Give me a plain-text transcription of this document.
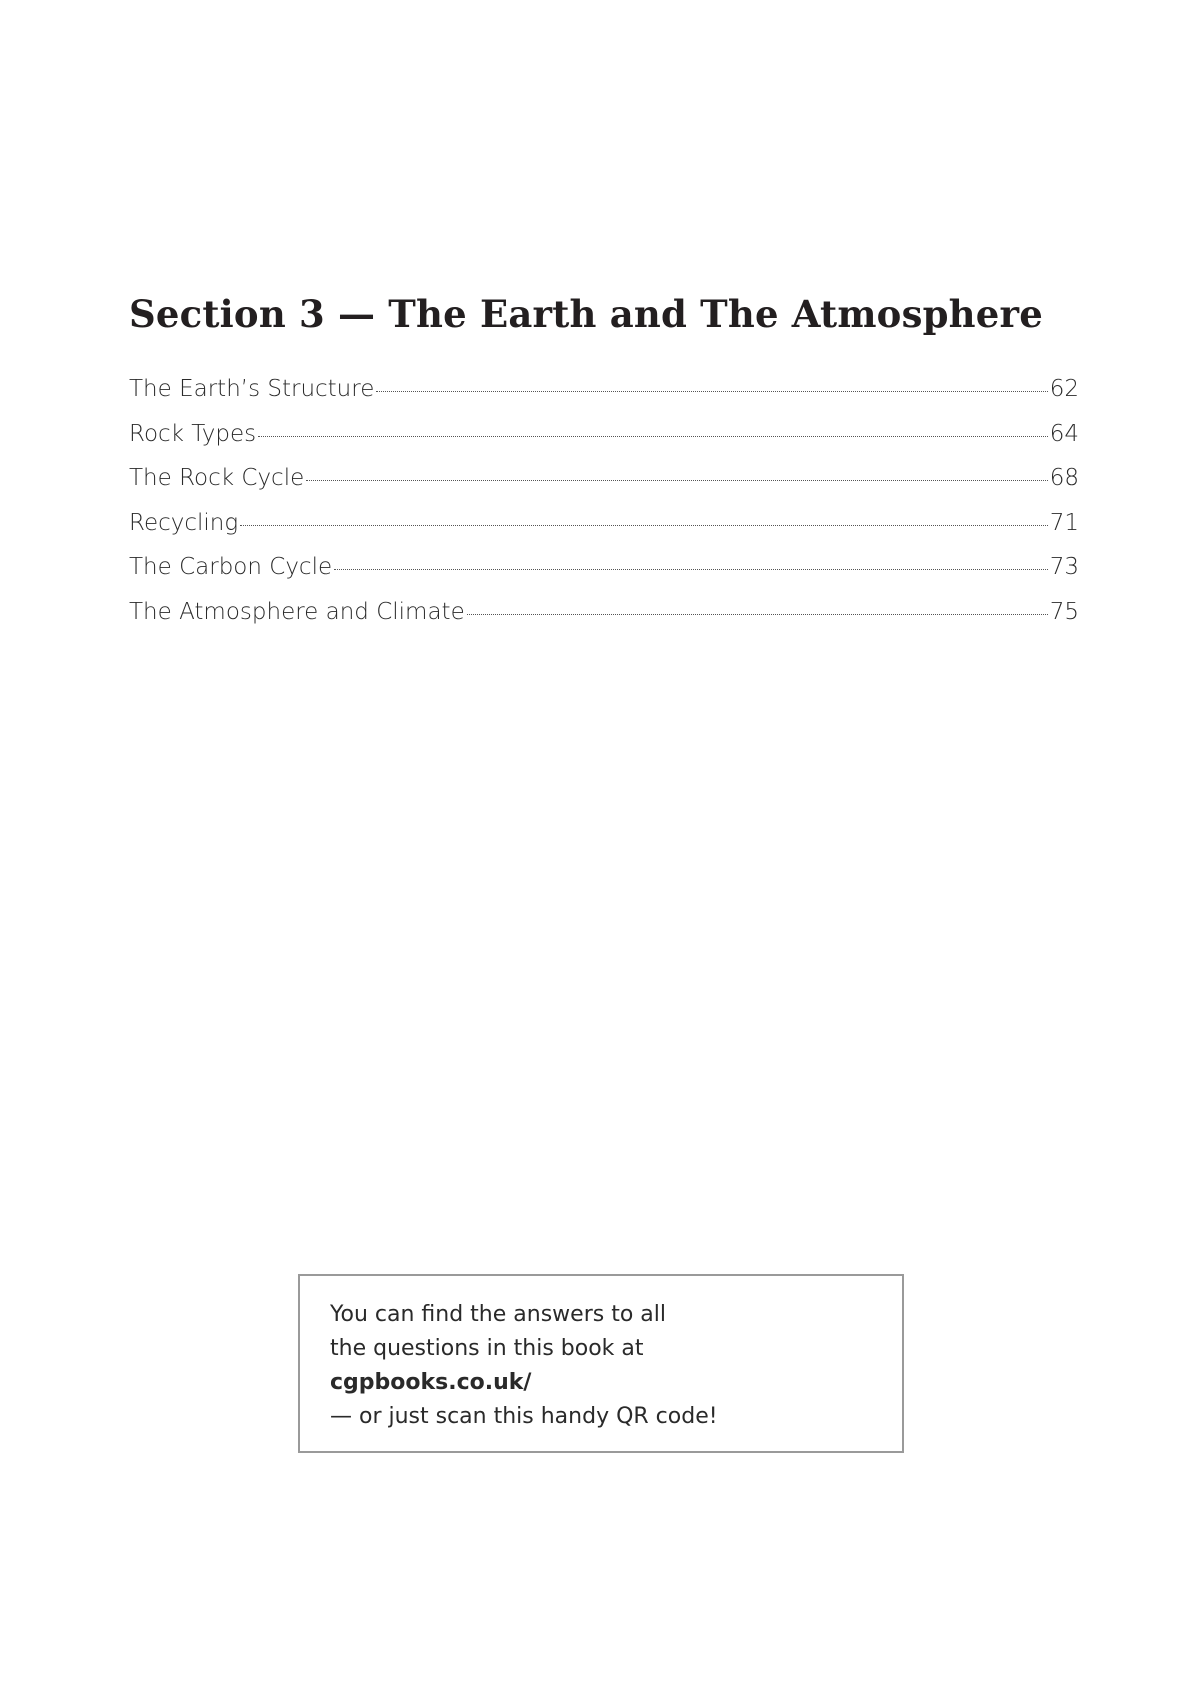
Section 3 — The Earth and The Atmosphere
The Earth’s Structure	62
Rock Types	64
The Rock Cycle	68
Recycling	71
The Carbon Cycle	73
The Atmosphere and Climate	75
You can find the answers to all
the questions in this book at
cgpbooks.co.uk/
— or just scan this handy QR code!
